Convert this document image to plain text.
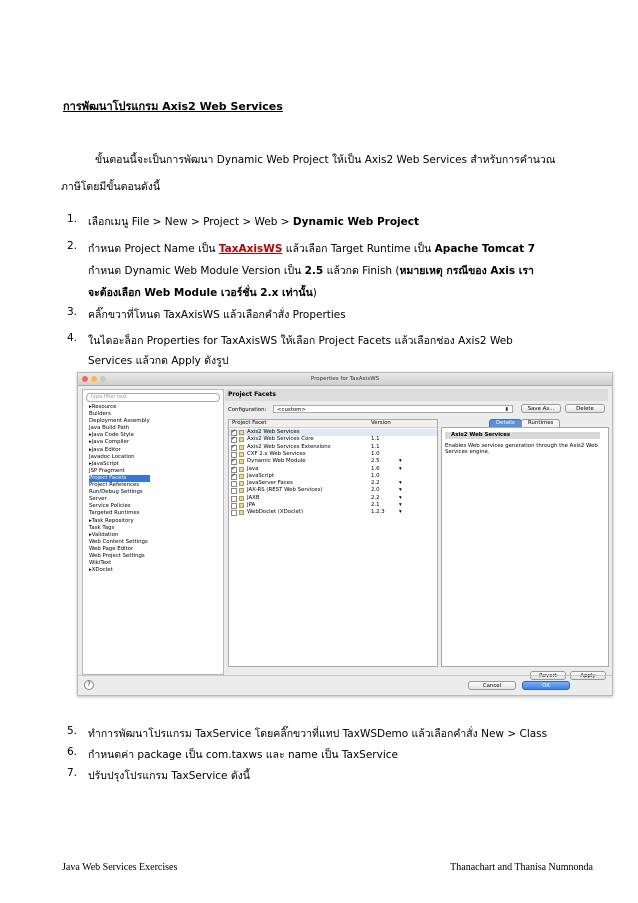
การพัฒนาโปรแกรม Axis2 Web Services
ขั้นตอนนี้จะเป็นการพัฒนา Dynamic Web Project ให้เป็น Axis2 Web Services สำหรับการคำนวณ
ภาษีโดยมีขั้นตอนดังนี้
1. เลือกเมนู File > New > Project > Web > Dynamic Web Project
2. กำหนด Project Name เป็น TaxAxisWS แล้วเลือก Target Runtime เป็น Apache Tomcat 7
กำหนด Dynamic Web Module Version เป็น 2.5 แล้วกด Finish (หมายเหตุ กรณีของ Axis เรา
จะต้องเลือก Web Module เวอร์ชั่น 2.x เท่านั้น)
3. คลิ๊กขวาที่โหนด TaxAxisWS แล้วเลือกคำสั่ง Properties
4. ในไดอะล็อก Properties for TaxAxisWS ให้เลือก Project Facets แล้วเลือกช่อง Axis2 Web
Services แล้วกด Apply ดังรูป
Properties for TaxAxisWS
type filter text
▸Resource
Builders
Deployment Assembly
Java Build Path
▸Java Code Style
▸Java Compiler
▸Java Editor
Javadoc Location
▸JavaScript
JSP Fragment
Project Facets
Project References
Run/Debug Settings
Server
Service Policies
Targeted Runtimes
▸Task Repository
Task Tags
▸Validation
Web Content Settings
Web Page Editor
Web Project Settings
WikiText
▸XDoclet
Project Facets
Configuration:	<custom>	⬍	Save As...	Delete
Project Facet	Version
✓ Axis2 Web Services
✓ Axis2 Web Services Core	1.1
✓ Axis2 Web Services Extensions	1.1
CXF 2.x Web Services	1.0
✓ Dynamic Web Module	2.5	▾
✓ Java	1.6	▾
✓ JavaScript	1.0
JavaServer Faces	2.2	▾
JAX-RS (REST Web Services)	2.0	▾
JAXB	2.2	▾
JPA	2.1	▾
WebDoclet (XDoclet)	1.2.3	▾
Details	Runtimes
Axis2 Web Services
Enables Web services generation through the Axis2 Web
Services engine.
Revert	Apply
?	Cancel	OK
5. ทำการพัฒนาโปรแกรม TaxService โดยคลิ๊กขวาที่แทป TaxWSDemo แล้วเลือกคำสั่ง New > Class
6. กำหนดค่า package เป็น com.taxws และ name เป็น TaxService
7. ปรับปรุงโปรแกรม TaxService ดังนี้
Java Web Services Exercises	Thanachart and Thanisa Numnonda
